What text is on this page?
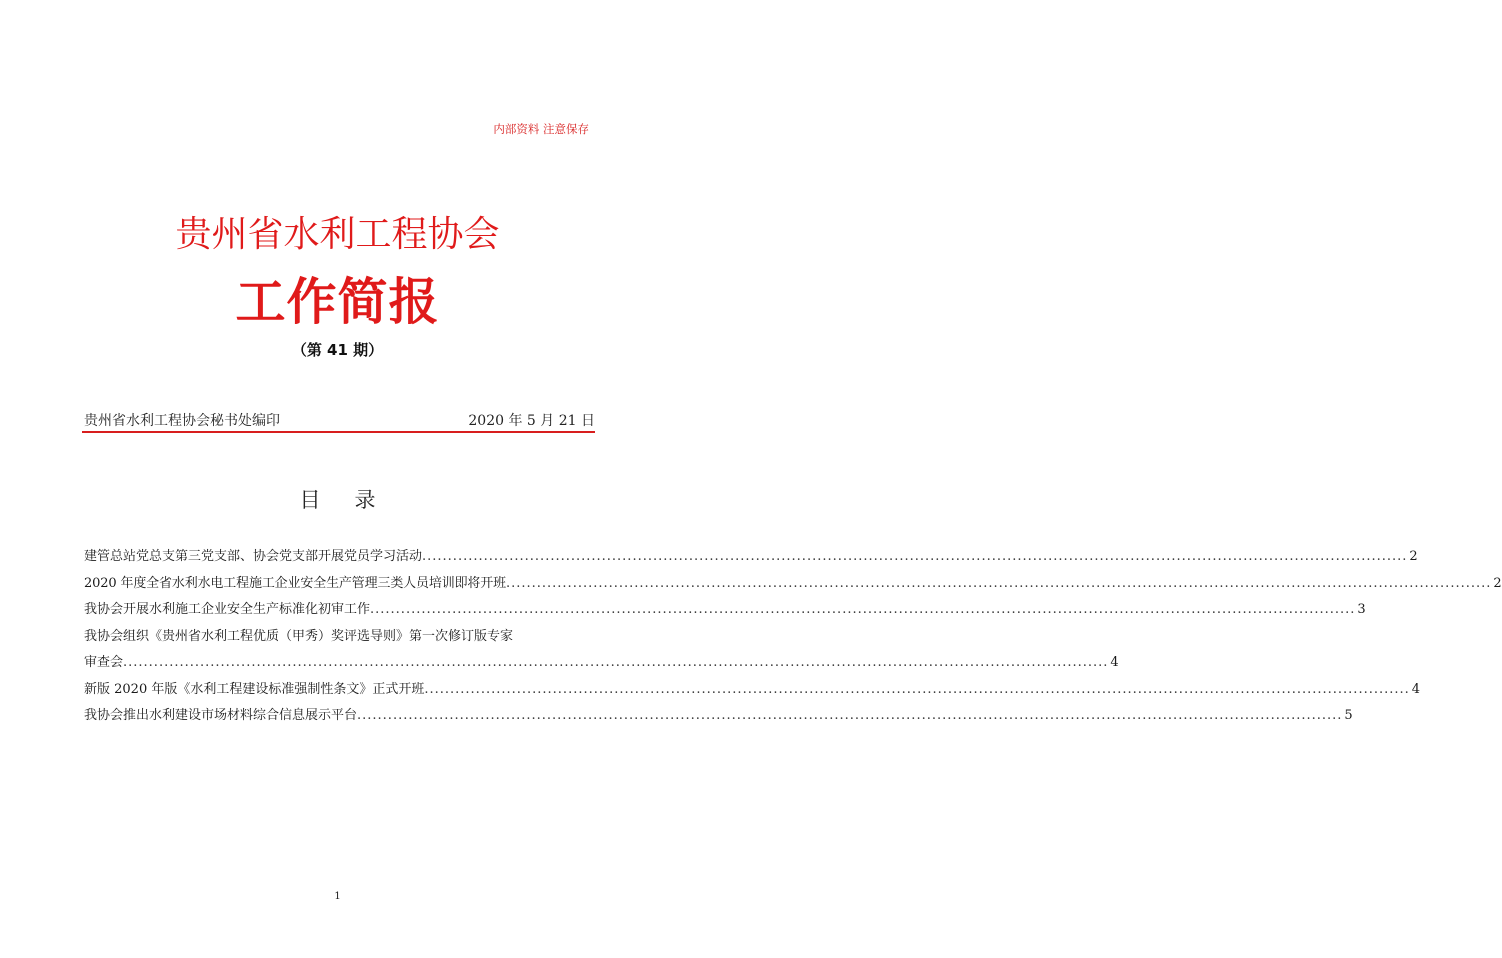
内部资料 注意保存
贵州省水利工程协会
工作简报
（第 41 期）
贵州省水利工程协会秘书处编印	2020 年 5 月 21 日
目录
建管总站党总支第三党支部、协会党支部开展党员学习活动 .....	2
2020 年度全省水利水电工程施工企业安全生产管理三类人员培训即将开班 .....	2
我协会开展水利施工企业安全生产标准化初审工作 .....	3
我协会组织《贵州省水利工程优质（甲秀）奖评选导则》第一次修订版专家
审查会 .....	4
新版 2020 年版《水利工程建设标准强制性条文》正式开班 .....	4
我协会推出水利建设市场材料综合信息展示平台 .....	5
1
